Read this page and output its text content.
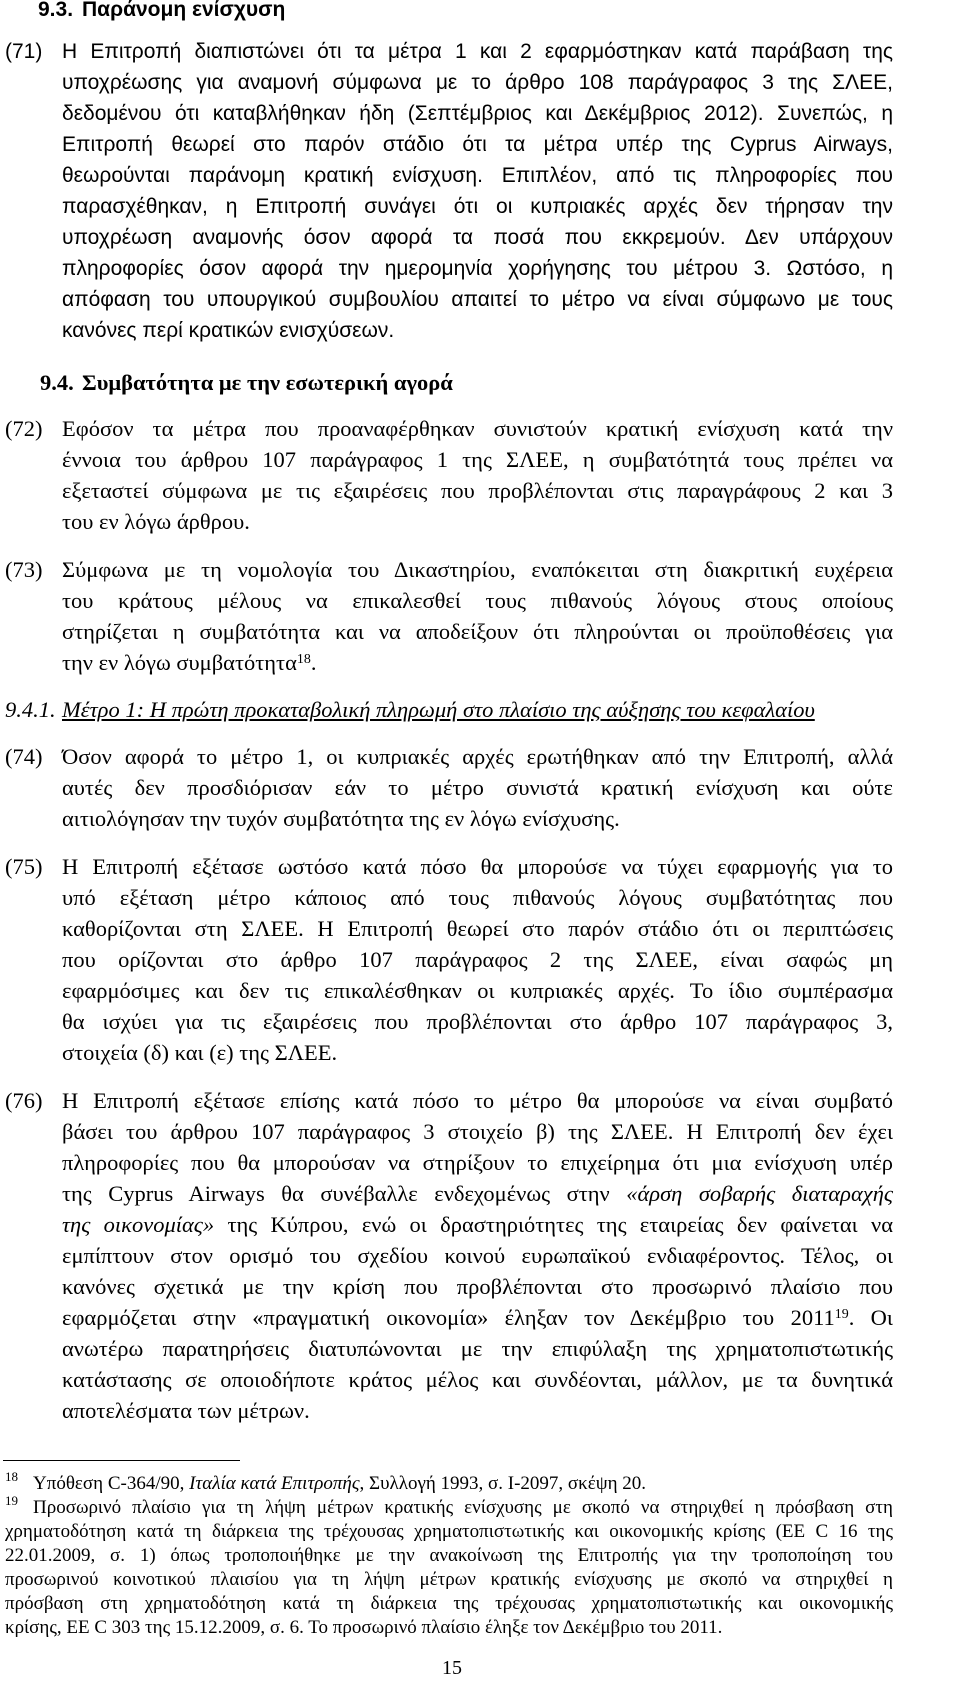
9.3. Παράνομη ενίσχυση
(71) Η Επιτροπή διαπιστώνει ότι τα μέτρα 1 και 2 εφαρμόστηκαν κατά παράβαση της
υποχρέωσης για αναμονή σύμφωνα με το άρθρο 108 παράγραφος 3 της ΣΛΕΕ,
δεδομένου ότι καταβλήθηκαν ήδη (Σεπτέμβριος και Δεκέμβριος 2012). Συνεπώς, η
Επιτροπή θεωρεί στο παρόν στάδιο ότι τα μέτρα υπέρ της Cyprus Airways,
θεωρούνται παράνομη κρατική ενίσχυση. Επιπλέον, από τις πληροφορίες που
παρασχέθηκαν, η Επιτροπή συνάγει ότι οι κυπριακές αρχές δεν τήρησαν την
υποχρέωση αναμονής όσον αφορά τα ποσά που εκκρεμούν. Δεν υπάρχουν
πληροφορίες όσον αφορά την ημερομηνία χορήγησης του μέτρου 3. Ωστόσο, η
απόφαση του υπουργικού συμβουλίου απαιτεί το μέτρο να είναι σύμφωνο με τους
κανόνες περί κρατικών ενισχύσεων.
9.4. Συμβατότητα με την εσωτερική αγορά
(72) Εφόσον τα μέτρα που προαναφέρθηκαν συνιστούν κρατική ενίσχυση κατά την
έννοια του άρθρου 107 παράγραφος 1 της ΣΛΕΕ, η συμβατότητά τους πρέπει να
εξεταστεί σύμφωνα με τις εξαιρέσεις που προβλέπονται στις παραγράφους 2 και 3
του εν λόγω άρθρου.
(73) Σύμφωνα με τη νομολογία του Δικαστηρίου, εναπόκειται στη διακριτική ευχέρεια
του κράτους μέλους να επικαλεσθεί τους πιθανούς λόγους στους οποίους
στηρίζεται η συμβατότητα και να αποδείξουν ότι πληρούνται οι προϋποθέσεις για
την εν λόγω συμβατότητα$^{18}$.
9.4.1. Μέτρο 1: Η πρώτη προκαταβολική πληρωμή στο πλαίσιο της αύξησης του κεφαλαίου
(74) Όσον αφορά το μέτρο 1, οι κυπριακές αρχές ερωτήθηκαν από την Επιτροπή, αλλά
αυτές δεν προσδιόρισαν εάν το μέτρο συνιστά κρατική ενίσχυση και ούτε
αιτιολόγησαν την τυχόν συμβατότητα της εν λόγω ενίσχυσης.
(75) Η Επιτροπή εξέτασε ωστόσο κατά πόσο θα μπορούσε να τύχει εφαρμογής για το
υπό εξέταση μέτρο κάποιος από τους πιθανούς λόγους συμβατότητας που
καθορίζονται στη ΣΛΕΕ. Η Επιτροπή θεωρεί στο παρόν στάδιο ότι οι περιπτώσεις
που ορίζονται στο άρθρο 107 παράγραφος 2 της ΣΛΕΕ, είναι σαφώς μη
εφαρμόσιμες και δεν τις επικαλέσθηκαν οι κυπριακές αρχές. Το ίδιο συμπέρασμα
θα ισχύει για τις εξαιρέσεις που προβλέπονται στο άρθρο 107 παράγραφος 3,
στοιχεία (δ) και (ε) της ΣΛΕΕ.
(76) Η Επιτροπή εξέτασε επίσης κατά πόσο το μέτρο θα μπορούσε να είναι συμβατό
βάσει του άρθρου 107 παράγραφος 3 στοιχείο β) της ΣΛΕΕ. Η Επιτροπή δεν έχει
πληροφορίες που θα μπορούσαν να στηρίξουν το επιχείρημα ότι μια ενίσχυση υπέρ
της Cyprus Airways θα συνέβαλλε ενδεχομένως στην «άρση σοβαρής διαταραχής
της οικονομίας» της Κύπρου, ενώ οι δραστηριότητες της εταιρείας δεν φαίνεται να
εμπίπτουν στον ορισμό του σχεδίου κοινού ευρωπαϊκού ενδιαφέροντος. Τέλος, οι
κανόνες σχετικά με την κρίση που προβλέπονται στο προσωρινό πλαίσιο που
εφαρμόζεται στην «πραγματική οικονομία» έληξαν τον Δεκέμβριο του 2011$^{19}$. Οι
ανωτέρω παρατηρήσεις διατυπώνονται με την επιφύλαξη της χρηματοπιστωτικής
κατάστασης σε οποιοδήποτε κράτος μέλος και συνδέονται, μάλλον, με τα δυνητικά
αποτελέσματα των μέτρων.
18 Υπόθεση C-364/90, Ιταλία κατά Επιτροπής, Συλλογή 1993, σ. I-2097, σκέψη 20.
19 Προσωρινό πλαίσιο για τη λήψη μέτρων κρατικής ενίσχυσης με σκοπό να στηριχθεί η πρόσβαση στη
χρηματοδότηση κατά τη διάρκεια της τρέχουσας χρηματοπιστωτικής και οικονομικής κρίσης (ΕΕ C 16 της
22.01.2009, σ. 1) όπως τροποποιήθηκε με την ανακοίνωση της Επιτροπής για την τροποποίηση του
προσωρινού κοινοτικού πλαισίου για τη λήψη μέτρων κρατικής ενίσχυσης με σκοπό να στηριχθεί η
πρόσβαση στη χρηματοδότηση κατά τη διάρκεια της τρέχουσας χρηματοπιστωτικής και οικονομικής
κρίσης, ΕΕ C 303 της 15.12.2009, σ. 6. Το προσωρινό πλαίσιο έληξε τον Δεκέμβριο του 2011.
15
